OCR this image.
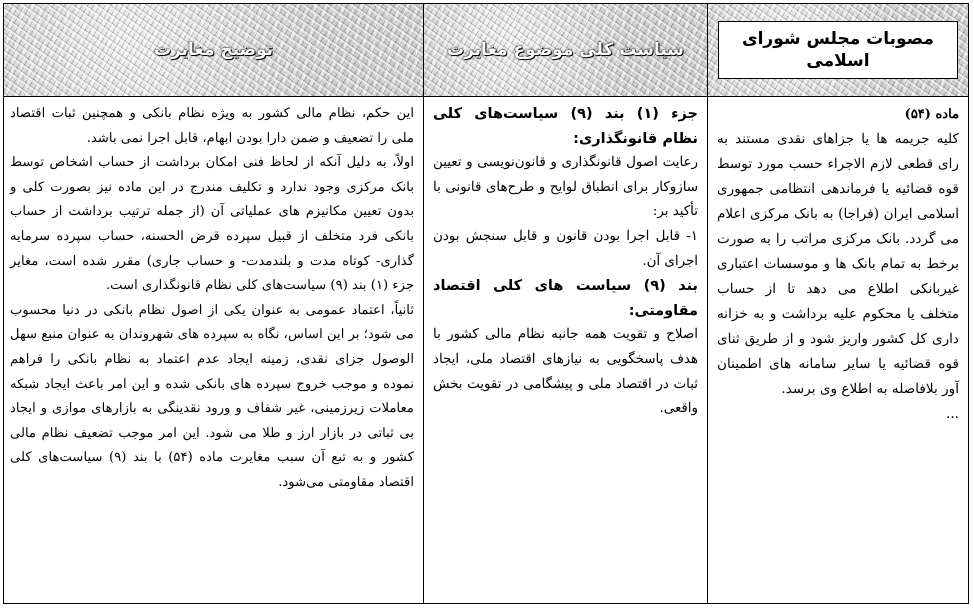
مصوبات مجلس شورای اسلامی

ماده (۵۴)

کلیه جریمه ها یا جزاهای نقدی مستند به رای قطعی لازم الاجراء حسب مورد توسط قوه قضائیه یا فرماندهی انتظامی جمهوری اسلامی ایران (فراجا) به بانک مرکزی اعلام می گردد. بانک مرکزی مراتب را به صورت برخط به تمام بانک ها و موسسات اعتباری غیربانکی اطلاع می دهد تا از حساب متخلف یا محکوم علیه برداشت و به خزانه داری کل کشور واریز شود و از طریق ثنای قوه قضائیه یا سایر سامانه های اطمینان آور بلافاصله به اطلاع وی برسد.

...

سیاست کلی موضوع مغایرت

جزء (۱) بند (۹) سیاست‌های کلی نظام قانونگذاری:

رعایت اصول قانونگذاری و قانون‌نویسی و تعیین سازوکار برای انطباق لوایح و طرح‌های قانونی با تأکید بر:

۱- قابل اجرا بودن قانون و قابل سنجش بودن اجرای آن.

بند (۹) سیاست های کلی اقتصاد مقاومتی:

اصلاح و تقویت همه جانبه نظام مالی کشور با هدف پاسخگویی به نیازهای اقتصاد ملی، ایجاد ثبات در اقتصاد ملی و پیشگامی در تقویت بخش واقعی.

توضیح مغایرت

این حکم، نظام مالی کشور به ویژه نظام بانکی و همچنین ثبات اقتصاد ملی را تضعیف و ضمن دارا بودن ابهام، قابل اجرا نمی باشد.

اولاً، به دلیل آنکه از لحاظ فنی امکان برداشت از حساب اشخاص توسط بانک مرکزی وجود ندارد و تکلیف مندرج در این ماده نیز بصورت کلی و بدون تعیین مکانیزم های عملیاتی آن (از جمله ترتیب برداشت از حساب بانکی فرد متخلف از قبیل سپرده قرض الحسنه، حساب سپرده سرمایه گذاری- کوتاه مدت و بلندمدت- و حساب جاری) مقرر شده است، مغایر جزء (۱) بند (۹) سیاست‌های کلی نظام قانونگذاری است.

ثانیاً، اعتماد عمومی به عنوان یکی از اصول نظام بانکی در دنیا محسوب می شود؛ بر این اساس، نگاه به سپرده های شهروندان به عنوان منبع سهل الوصول جزای نقدی، زمینه ایجاد عدم اعتماد به نظام بانکی را فراهم نموده و موجب خروج سپرده های بانکی شده و این امر باعث ایجاد شبکه معاملات زیرزمینی، غیر شفاف و ورود نقدینگی به بازارهای موازی و ایجاد بی ثباتی در بازار ارز و طلا می شود. این امر موجب تضعیف نظام مالی کشور و به تبع آن سبب مغایرت ماده (۵۴) با بند (۹) سیاست‌های کلی اقتصاد مقاومتی می‌شود.
